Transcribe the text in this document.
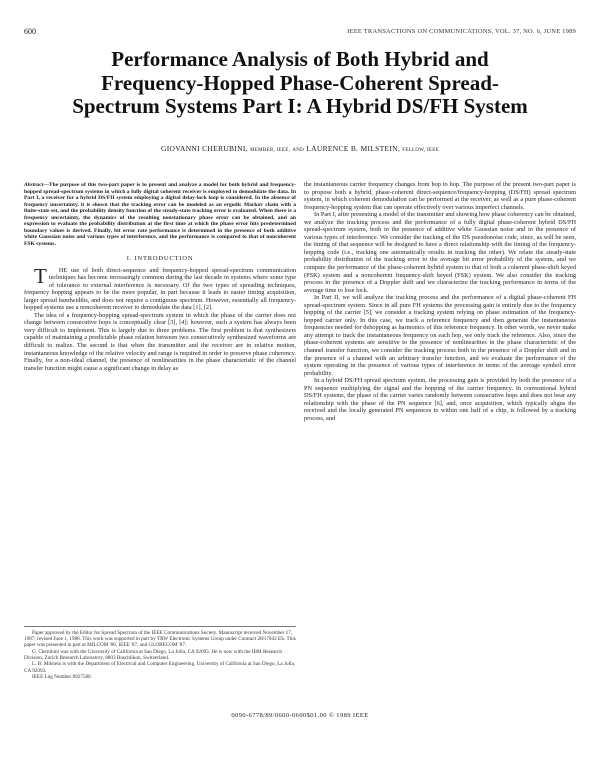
600	IEEE TRANSACTIONS ON COMMUNICATIONS, VOL. 37, NO. 6, JUNE 1989
Performance Analysis of Both Hybrid and Frequency-Hopped Phase-Coherent Spread- Spectrum Systems Part I: A Hybrid DS/FH System
GIOVANNI CHERUBINI, MEMBER, IEEE, AND LAURENCE B. MILSTEIN, FELLOW, IEEE

Abstract—The purpose of this two-part paper is to present and analyze a model for both hybrid and frequency-hopped spread-spectrum systems in which a fully digital coherent receiver is employed to demodulate the data. In Part I, a receiver for a hybrid DS/FH system employing a digital delay-lock loop is considered. In the absence of frequency uncertainty, it is shown that the tracking error can be modeled as an ergodic Markov chain with a finite-state set, and the probability density function of the steady-state tracking error is evaluated. When there is a frequency uncertainty, the dynamics of the resulting nonstationary phase error can be obtained, and an expression to evaluate the probability distribution at the first time at which the phase error hits predetermined boundary values is derived. Finally, bit error rate performance is determined in the presence of both additive white Gaussian noise and various types of interference, and the performance is compared to that of noncoherent FSK systems.

I. INTRODUCTION

T	HE use of both direct-sequence and frequency-hopped spread-spectrum communication techniques has become increasingly common during the last decade in systems where some type of tolerance to external interference is necessary. Of the two types of spreading techniques, frequency hopping appears to be the more popular, in part because it leads to easier timing acquisition, larger spread bandwidths, and does not require a contiguous spectrum. However, essentially all frequency-hopped systems use a noncoherent receiver to demodulate the data [1], [2].

The idea of a frequency-hopping spread-spectrum system in which the phase of the carrier does not change between consecutive hops is conceptually clear [3], [4]; however, such a system has always been very difficult to implement. This is largely due to three problems. The first problem is that synthesizers capable of maintaining a predictable phase relation between two consecutively synthesized waveforms are difficult to realize. The second is that when the transmitter and the receiver are in relative motion, instantaneous knowledge of the relative velocity and range is required in order to preserve phase coherency. Finally, for a non-ideal channel, the presence of nonlinearities in the phase characteristic of the channel transfer function might cause a significant change in delay as

Paper approved by the Editor for Spread Spectrum of the IEEE Communications Society. Manuscript received November 17, 1987; revised June 1, 1988. This work was supported in part by TRW Electronic Systems Group under Contract 2H17042 ES. This paper was presented in part at MILCOM '86, IEEE '87, and GLOBECOM '87.

G. Cherubini was with the University of California at San Diego, La Jolla, CA 92093. He is now with the IBM Research Division, Zurich Research Laboratory, 8803 Ruschlikon, Switzerland.

L. B. Milstein is with the Department of Electrical and Computer Engineering, University of California at San Diego, La Jolla, CA 92093.

IEEE Log Number 8927580.

the instantaneous carrier frequency changes from hop to hop. The purpose of the present two-part paper is to propose both a hybrid, phase-coherent direct-sequence/frequency-hopping (DS/FH) spread spectrum system, in which coherent demodulation can be performed at the receiver, as well as a pure phase-coherent frequency-hopping system that can operate effectively over various imperfect channels.

In Part I, after presenting a model of the transmitter and showing how phase coherency can be obtained, we analyze the tracking process and the performance of a fully digital phase-coherent hybrid DS/FH spread-spectrum system, both in the presence of additive white Gaussian noise and in the presence of various types of interference. We consider the tracking of the DS pseudonoise code, since, as will be seen, the timing of that sequence will be designed to have a direct relationship with the timing of the frequency-hopping code (i.e., tracking one automatically results in tracking the other). We relate the steady-state probability distribution of the tracking error to the average bit error probability of the system, and we compare the performance of the phase-coherent hybrid system to that of both a coherent phase-shift keyed (PSK) system and a noncoherent frequency-shift keyed (FSK) system. We also consider the tracking process in the presence of a Doppler shift and we characterize the tracking performance in terms of the average time to lose lock.

In Part II, we will analyze the tracking process and the performance of a digital phase-coherent FH spread-spectrum system. Since in all pure FH systems the processing gain is entirely due to the frequency hopping of the carrier [5], we consider a tracking system relying on phase estimation of the frequency-hopped carrier only. In this case, we track a reference frequency and then generate the instantaneous frequencies needed for dehopping as harmonics of this reference frequency. In other words, we never make any attempt to track the instantaneous frequency on each hop, we only track the reference. Also, since the phase-coherent systems are sensitive to the presence of nonlinearities in the phase characteristic of the channel transfer function, we consider the tracking process both in the presence of a Doppler shift and in the presence of a channel with an arbitrary transfer function, and we evaluate the performance of the system operating in the presence of various types of interference in terms of the average symbol error probability.

In a hybrid DS/FH spread spectrum system, the processing gain is provided by both the presence of a PN sequence multiplying the signal and the hopping of the carrier frequency. In conventional hybrid DS/FH systems, the phase of the carrier varies randomly between consecutive hops and does not bear any relationship with the phase of the PN sequence [6], and, once acquisition, which typically aligns the received and the locally generated PN sequences to within one half of a chip, is followed by a tracking process, and

0090-6778/89/0600-0600$01.00 © 1989 IEEE
